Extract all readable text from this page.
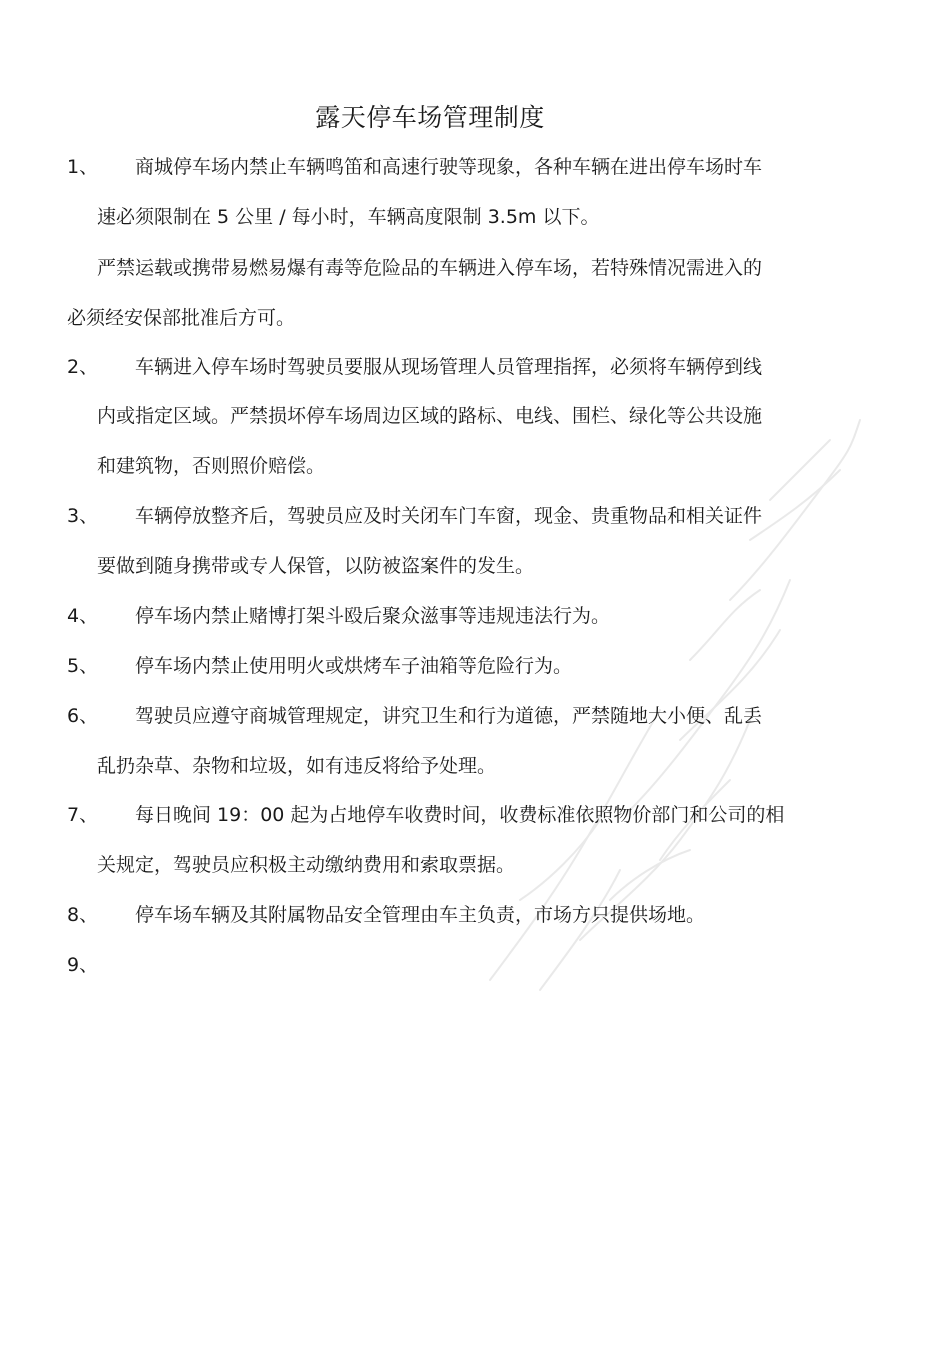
露天停车场管理制度
1、 商城停车场内禁止车辆鸣笛和高速行驶等现象，各种车辆在进出停车场时车
速必须限制在 5 公里 / 每小时，车辆高度限制 3.5m 以下。
严禁运载或携带易燃易爆有毒等危险品的车辆进入停车场，若特殊情况需进入的
必须经安保部批准后方可。
2、 车辆进入停车场时驾驶员要服从现场管理人员管理指挥，必须将车辆停到线
内或指定区域。严禁损坏停车场周边区域的路标、电线、围栏、绿化等公共设施
和建筑物，否则照价赔偿。
3、 车辆停放整齐后，驾驶员应及时关闭车门车窗，现金、贵重物品和相关证件
要做到随身携带或专人保管，以防被盗案件的发生。
4、 停车场内禁止赌博打架斗殴后聚众滋事等违规违法行为。
5、 停车场内禁止使用明火或烘烤车子油箱等危险行为。
6、 驾驶员应遵守商城管理规定，讲究卫生和行为道德，严禁随地大小便、乱丢
乱扔杂草、杂物和垃圾，如有违反将给予处理。
7、 每日晚间 19：00 起为占地停车收费时间，收费标准依照物价部门和公司的相
关规定，驾驶员应积极主动缴纳费用和索取票据。
8、 停车场车辆及其附属物品安全管理由车主负责，市场方只提供场地。
9、
